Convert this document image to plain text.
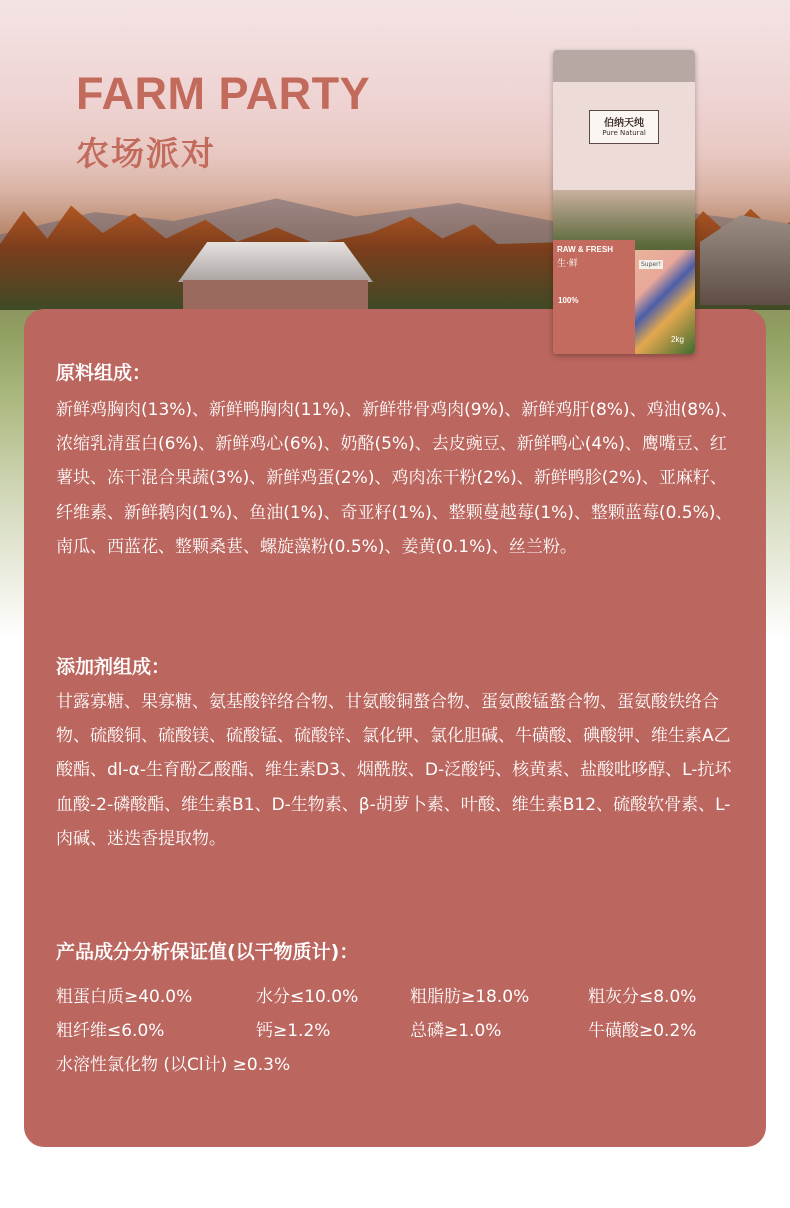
FARM PARTY
农场派对
伯纳天纯
Pure Natural
RAW & FRESH
生·鲜	Super!
100%
2kg
原料组成：
新鲜鸡胸肉(13%)、新鲜鸭胸肉(11%)、新鲜带骨鸡肉(9%)、新鲜鸡肝(8%)、鸡油(8%)、浓缩乳清蛋白(6%)、新鲜鸡心(6%)、奶酪(5%)、去皮豌豆、新鲜鸭心(4%)、鹰嘴豆、红薯块、冻干混合果蔬(3%)、新鲜鸡蛋(2%)、鸡肉冻干粉(2%)、新鲜鸭胗(2%)、亚麻籽、纤维素、新鲜鹅肉(1%)、鱼油(1%)、奇亚籽(1%)、整颗蔓越莓(1%)、整颗蓝莓(0.5%)、南瓜、西蓝花、整颗桑葚、螺旋藻粉(0.5%)、姜黄(0.1%)、丝兰粉。
添加剂组成：
甘露寡糖、果寡糖、氨基酸锌络合物、甘氨酸铜螯合物、蛋氨酸锰螯合物、蛋氨酸铁络合物、硫酸铜、硫酸镁、硫酸锰、硫酸锌、氯化钾、氯化胆碱、牛磺酸、碘酸钾、维生素A乙酸酯、dl-α-生育酚乙酸酯、维生素D3、烟酰胺、D-泛酸钙、核黄素、盐酸吡哆醇、L-抗坏血酸-2-磷酸酯、维生素B1、D-生物素、β-胡萝卜素、叶酸、维生素B12、硫酸软骨素、L-肉碱、迷迭香提取物。
产品成分分析保证值(以干物质计)：
粗蛋白质≥40.0%	水分≤10.0%	粗脂肪≥18.0%	粗灰分≤8.0%
粗纤维≤6.0%	钙≥1.2%	总磷≥1.0%	牛磺酸≥0.2%
水溶性氯化物 (以Cl计) ≥0.3%
